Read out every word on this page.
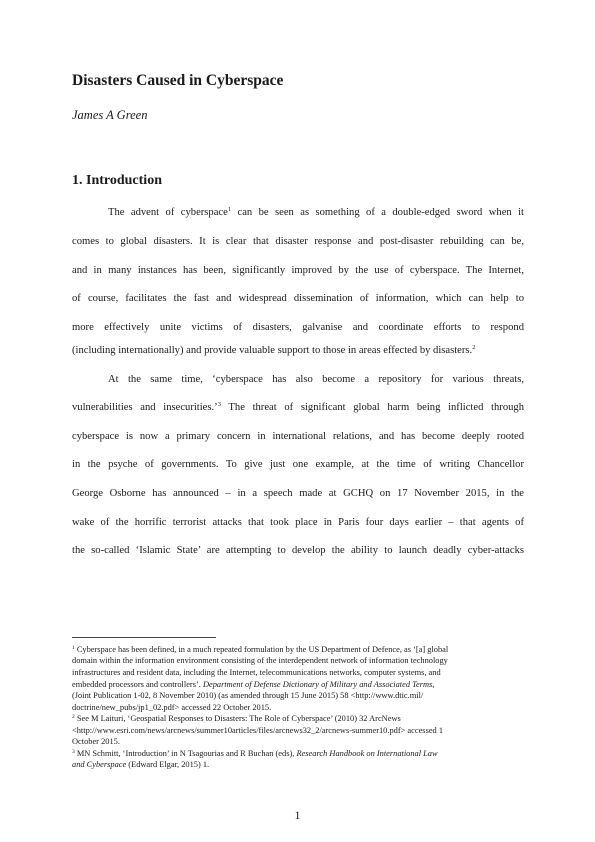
Disasters Caused in Cyberspace

James A Green

1. Introduction

The advent of cyberspace$^1$ can be seen as something of a double-edged sword when it

comes to global disasters. It is clear that disaster response and post-disaster rebuilding can be,

and in many instances has been, significantly improved by the use of cyberspace. The Internet,

of course, facilitates the fast and widespread dissemination of information, which can help to

more effectively unite victims of disasters, galvanise and coordinate efforts to respond

(including internationally) and provide valuable support to those in areas effected by disasters.$^2$

At the same time, ‘cyberspace has also become a repository for various threats,

vulnerabilities and insecurities.’$^3$ The threat of significant global harm being inflicted through

cyberspace is now a primary concern in international relations, and has become deeply rooted

in the psyche of governments. To give just one example, at the time of writing Chancellor

George Osborne has announced – in a speech made at GCHQ on 17 November 2015, in the

wake of the horrific terrorist attacks that took place in Paris four days earlier – that agents of

the so-called ‘Islamic State’ are attempting to develop the ability to launch deadly cyber-attacks

$^1$ Cyberspace has been defined, in a much repeated formulation by the US Department of Defence, as ‘[a] global

domain within the information environment consisting of the interdependent network of information technology

infrastructures and resident data, including the Internet, telecommunications networks, computer systems, and

embedded processors and controllers’. Department of Defense Dictionary of Military and Associated Terms,

(Joint Publication 1-02, 8 November 2010) (as amended through 15 June 2015) 58 <http://www.dtic.mil/

doctrine/new_pubs/jp1_02.pdf> accessed 22 October 2015.

$^2$ See M Laituri, ‘Geospatial Responses to Disasters: The Role of Cyberspace’ (2010) 32 ArcNews

<http://www.esri.com/news/arcnews/summer10articles/files/arcnews32_2/arcnews-summer10.pdf> accessed 1

October 2015.

$^3$ MN Schmitt, ‘Introduction’ in N Tsagourias and R Buchan (eds), Research Handbook on International Law

and Cyberspace (Edward Elgar, 2015) 1.

1
